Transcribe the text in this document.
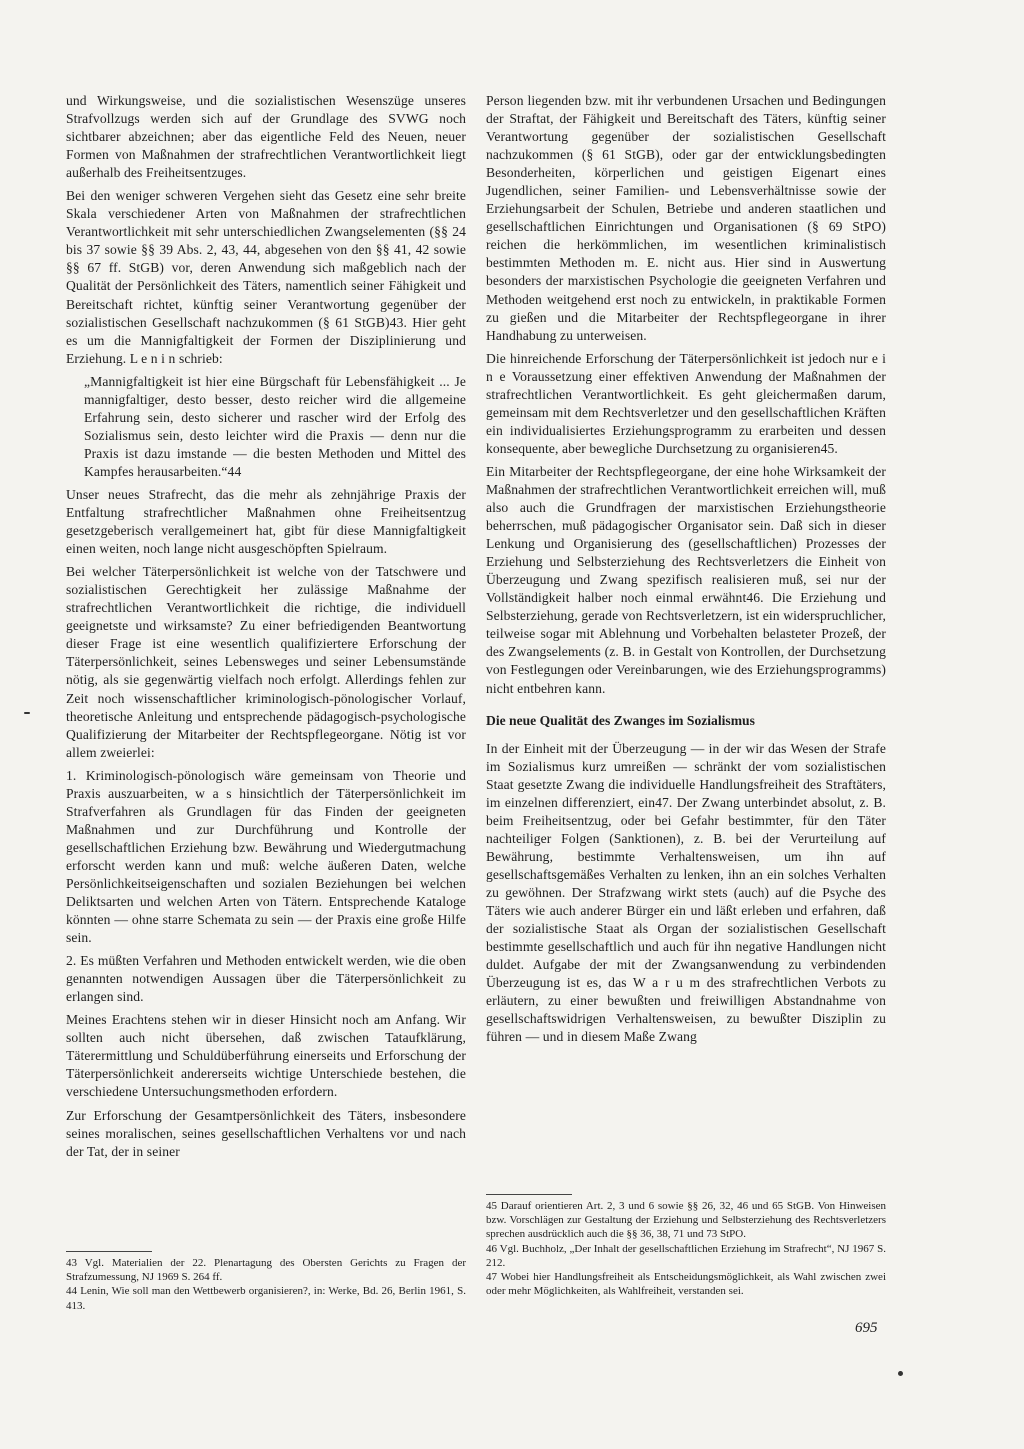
und Wirkungsweise, und die sozialistischen Wesenszüge unseres Strafvollzugs werden sich auf der Grundlage des SVWG noch sichtbarer abzeichnen; aber das eigentliche Feld des Neuen, neuer Formen von Maßnahmen der strafrechtlichen Verantwortlichkeit liegt außerhalb des Freiheitsentzuges.

Bei den weniger schweren Vergehen sieht das Gesetz eine sehr breite Skala verschiedener Arten von Maßnahmen der strafrechtlichen Verantwortlichkeit mit sehr unterschiedlichen Zwangselementen (§§ 24 bis 37 sowie §§ 39 Abs. 2, 43, 44, abgesehen von den §§ 41, 42 sowie §§ 67 ff. StGB) vor, deren Anwendung sich maßgeblich nach der Qualität der Persönlichkeit des Täters, namentlich seiner Fähigkeit und Bereitschaft richtet, künftig seiner Verantwortung gegenüber der sozialistischen Gesellschaft nachzukommen (§ 61 StGB)43. Hier geht es um die Mannigfaltigkeit der Formen der Disziplinierung und Erziehung. L e n i n schrieb:

„Mannigfaltigkeit ist hier eine Bürgschaft für Lebensfähigkeit ... Je mannigfaltiger, desto besser, desto reicher wird die allgemeine Erfahrung sein, desto sicherer und rascher wird der Erfolg des Sozialismus sein, desto leichter wird die Praxis — denn nur die Praxis ist dazu imstande — die besten Methoden und Mittel des Kampfes herausarbeiten.“44

Unser neues Strafrecht, das die mehr als zehnjährige Praxis der Entfaltung strafrechtlicher Maßnahmen ohne Freiheitsentzug gesetzgeberisch verallgemeinert hat, gibt für diese Mannigfaltigkeit einen weiten, noch lange nicht ausgeschöpften Spielraum.

Bei welcher Täterpersönlichkeit ist welche von der Tatschwere und sozialistischen Gerechtigkeit her zulässige Maßnahme der strafrechtlichen Verantwortlichkeit die richtige, die individuell geeignetste und wirksamste? Zu einer befriedigenden Beantwortung dieser Frage ist eine wesentlich qualifiziertere Erforschung der Täterpersönlichkeit, seines Lebensweges und seiner Lebensumstände nötig, als sie gegenwärtig vielfach noch erfolgt. Allerdings fehlen zur Zeit noch wissenschaftlicher kriminologisch-pönologischer Vorlauf, theoretische Anleitung und entsprechende pädagogisch-psychologische Qualifizierung der Mitarbeiter der Rechtspflegeorgane. Nötig ist vor allem zweierlei:

1. Kriminologisch-pönologisch wäre gemeinsam von Theorie und Praxis auszuarbeiten, w a s hinsichtlich der Täterpersönlichkeit im Strafverfahren als Grundlagen für das Finden der geeigneten Maßnahmen und zur Durchführung und Kontrolle der gesellschaftlichen Erziehung bzw. Bewährung und Wiedergutmachung erforscht werden kann und muß: welche äußeren Daten, welche Persönlichkeitseigenschaften und sozialen Beziehungen bei welchen Deliktsarten und welchen Arten von Tätern. Entsprechende Kataloge könnten — ohne starre Schemata zu sein — der Praxis eine große Hilfe sein.

2. Es müßten Verfahren und Methoden entwickelt werden, wie die oben genannten notwendigen Aussagen über die Täterpersönlichkeit zu erlangen sind.

Meines Erachtens stehen wir in dieser Hinsicht noch am Anfang. Wir sollten auch nicht übersehen, daß zwischen Tataufklärung, Täterermittlung und Schuldüberführung einerseits und Erforschung der Täterpersönlichkeit andererseits wichtige Unterschiede bestehen, die verschiedene Untersuchungsmethoden erfordern.

Zur Erforschung der Gesamtpersönlichkeit des Täters, insbesondere seines moralischen, seines gesellschaftlichen Verhaltens vor und nach der Tat, der in seiner

43 Vgl. Materialien der 22. Plenartagung des Obersten Gerichts zu Fragen der Strafzumessung, NJ 1969 S. 264 ff.

44 Lenin, Wie soll man den Wettbewerb organisieren?, in: Werke, Bd. 26, Berlin 1961, S. 413.

Person liegenden bzw. mit ihr verbundenen Ursachen und Bedingungen der Straftat, der Fähigkeit und Bereitschaft des Täters, künftig seiner Verantwortung gegenüber der sozialistischen Gesellschaft nachzukommen (§ 61 StGB), oder gar der entwicklungsbedingten Besonderheiten, körperlichen und geistigen Eigenart eines Jugendlichen, seiner Familien- und Lebensverhältnisse sowie der Erziehungsarbeit der Schulen, Betriebe und anderen staatlichen und gesellschaftlichen Einrichtungen und Organisationen (§ 69 StPO) reichen die herkömmlichen, im wesentlichen kriminalistisch bestimmten Methoden m. E. nicht aus. Hier sind in Auswertung besonders der marxistischen Psychologie die geeigneten Verfahren und Methoden weitgehend erst noch zu entwickeln, in praktikable Formen zu gießen und die Mitarbeiter der Rechtspflegeorgane in ihrer Handhabung zu unterweisen.

Die hinreichende Erforschung der Täterpersönlichkeit ist jedoch nur e i n e Voraussetzung einer effektiven Anwendung der Maßnahmen der strafrechtlichen Verantwortlichkeit. Es geht gleichermaßen darum, gemeinsam mit dem Rechtsverletzer und den gesellschaftlichen Kräften ein individualisiertes Erziehungsprogramm zu erarbeiten und dessen konsequente, aber bewegliche Durchsetzung zu organisieren45.

Ein Mitarbeiter der Rechtspflegeorgane, der eine hohe Wirksamkeit der Maßnahmen der strafrechtlichen Verantwortlichkeit erreichen will, muß also auch die Grundfragen der marxistischen Erziehungstheorie beherrschen, muß pädagogischer Organisator sein. Daß sich in dieser Lenkung und Organisierung des (gesellschaftlichen) Prozesses der Erziehung und Selbsterziehung des Rechtsverletzers die Einheit von Überzeugung und Zwang spezifisch realisieren muß, sei nur der Vollständigkeit halber noch einmal erwähnt46. Die Erziehung und Selbsterziehung, gerade von Rechtsverletzern, ist ein widerspruchlicher, teilweise sogar mit Ablehnung und Vorbehalten belasteter Prozeß, der des Zwangselements (z. B. in Gestalt von Kontrollen, der Durchsetzung von Festlegungen oder Vereinbarungen, wie des Erziehungsprogramms) nicht entbehren kann.

Die neue Qualität des Zwanges im Sozialismus

In der Einheit mit der Überzeugung — in der wir das Wesen der Strafe im Sozialismus kurz umreißen — schränkt der vom sozialistischen Staat gesetzte Zwang die individuelle Handlungsfreiheit des Straftäters, im einzelnen differenziert, ein47. Der Zwang unterbindet absolut, z. B. beim Freiheitsentzug, oder bei Gefahr bestimmter, für den Täter nachteiliger Folgen (Sanktionen), z. B. bei der Verurteilung auf Bewährung, bestimmte Verhaltensweisen, um ihn auf gesellschaftsgemäßes Verhalten zu lenken, ihn an ein solches Verhalten zu gewöhnen. Der Strafzwang wirkt stets (auch) auf die Psyche des Täters wie auch anderer Bürger ein und läßt erleben und erfahren, daß der sozialistische Staat als Organ der sozialistischen Gesellschaft bestimmte gesellschaftlich und auch für ihn negative Handlungen nicht duldet. Aufgabe der mit der Zwangsanwendung zu verbindenden Überzeugung ist es, das W a r u m des strafrechtlichen Verbots zu erläutern, zu einer bewußten und freiwilligen Abstandnahme von gesellschaftswidrigen Verhaltensweisen, zu bewußter Disziplin zu führen — und in diesem Maße Zwang

45 Darauf orientieren Art. 2, 3 und 6 sowie §§ 26, 32, 46 und 65 StGB. Von Hinweisen bzw. Vorschlägen zur Gestaltung der Erziehung und Selbsterziehung des Rechtsverletzers sprechen ausdrücklich auch die §§ 36, 38, 71 und 73 StPO.

46 Vgl. Buchholz, „Der Inhalt der gesellschaftlichen Erziehung im Strafrecht“, NJ 1967 S. 212.

47 Wobei hier Handlungsfreiheit als Entscheidungsmöglichkeit, als Wahl zwischen zwei oder mehr Möglichkeiten, als Wahlfreiheit, verstanden sei.

695
